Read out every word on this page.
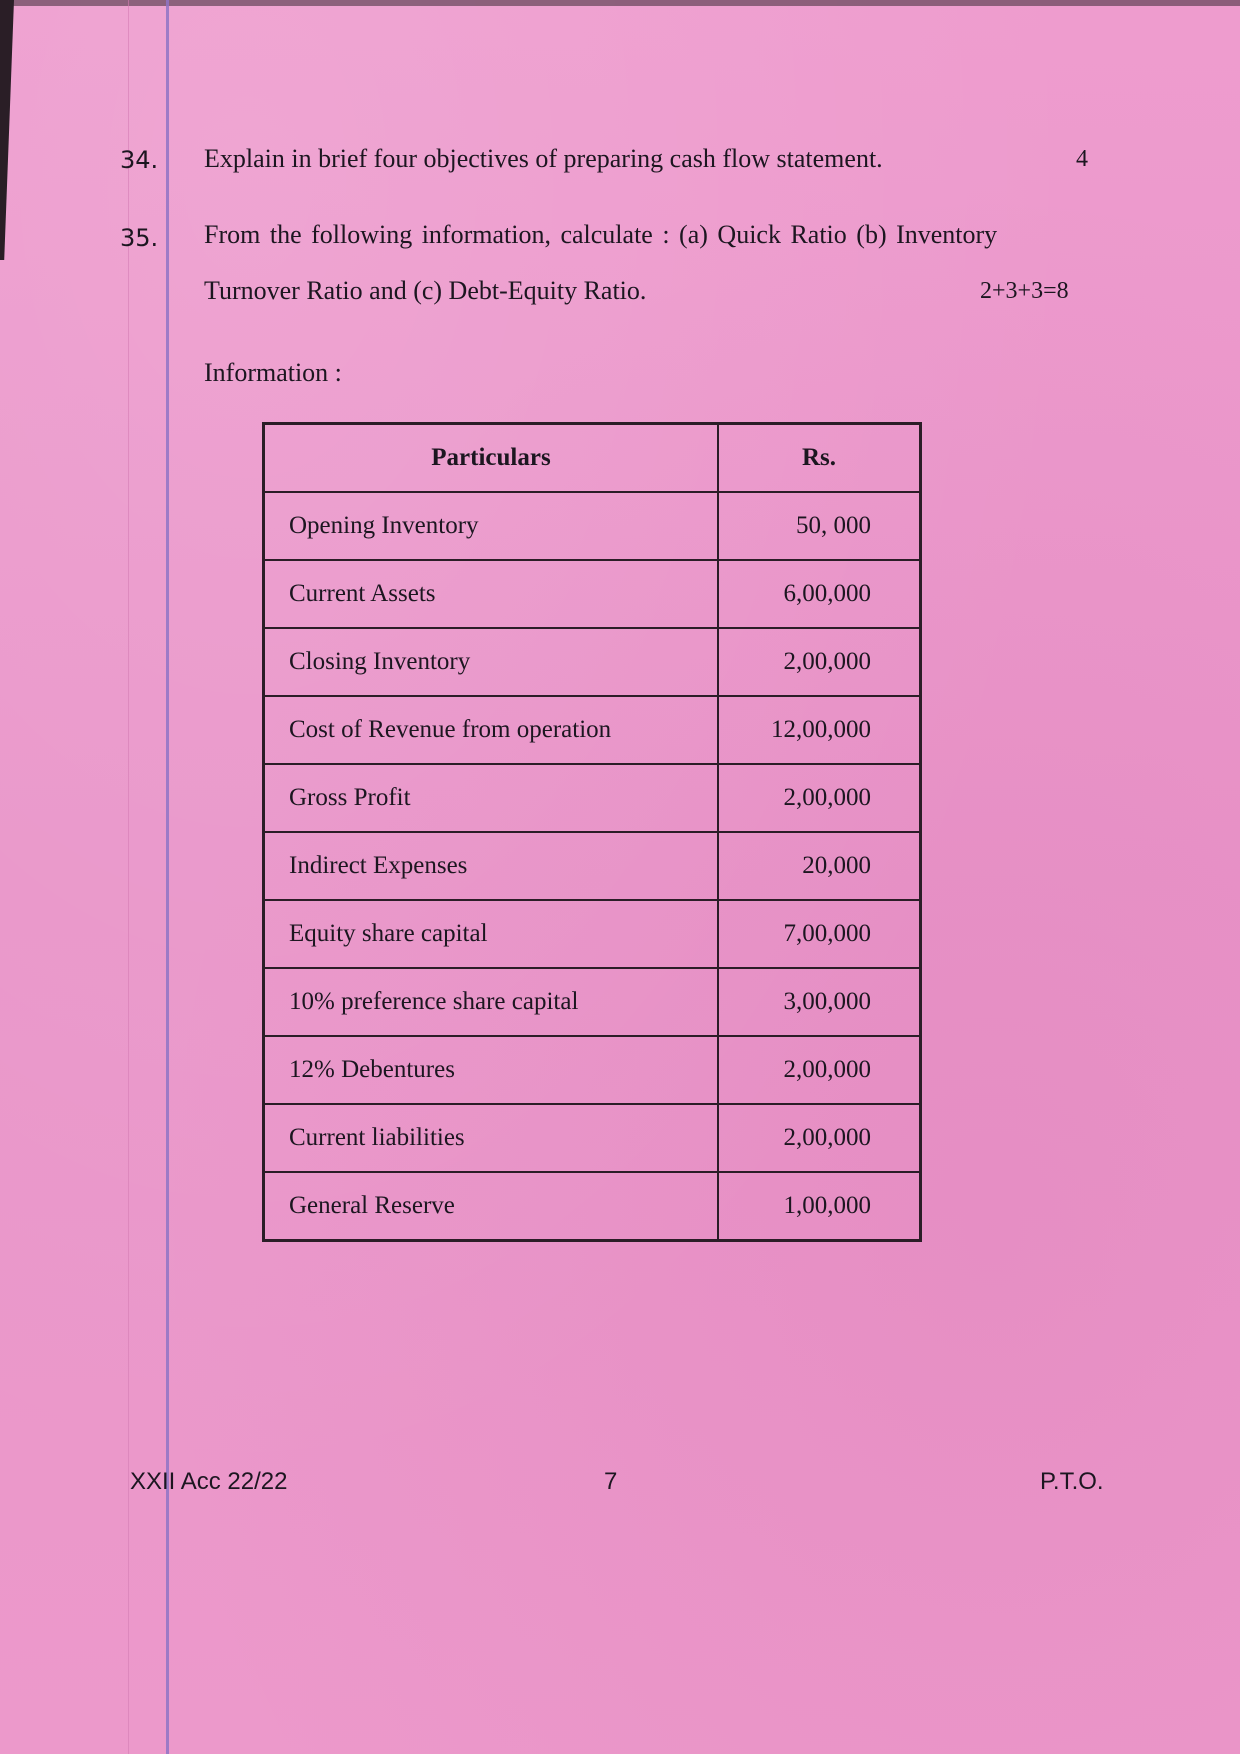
34. Explain in brief four objectives of preparing cash flow statement.	4
35. From the following information, calculate : (a) Quick Ratio (b) Inventory
Turnover Ratio and (c) Debt-Equity Ratio.	2+3+3=8
Information :
Particulars	Rs.
Opening Inventory	50, 000
Current Assets	6,00,000
Closing Inventory	2,00,000
Cost of Revenue from operation	12,00,000
Gross Profit	2,00,000
Indirect Expenses	20,000
Equity share capital	7,00,000
10% preference share capital	3,00,000
12% Debentures	2,00,000
Current liabilities	2,00,000
General Reserve	1,00,000
XXII Acc 22/22	7	P.T.O.
